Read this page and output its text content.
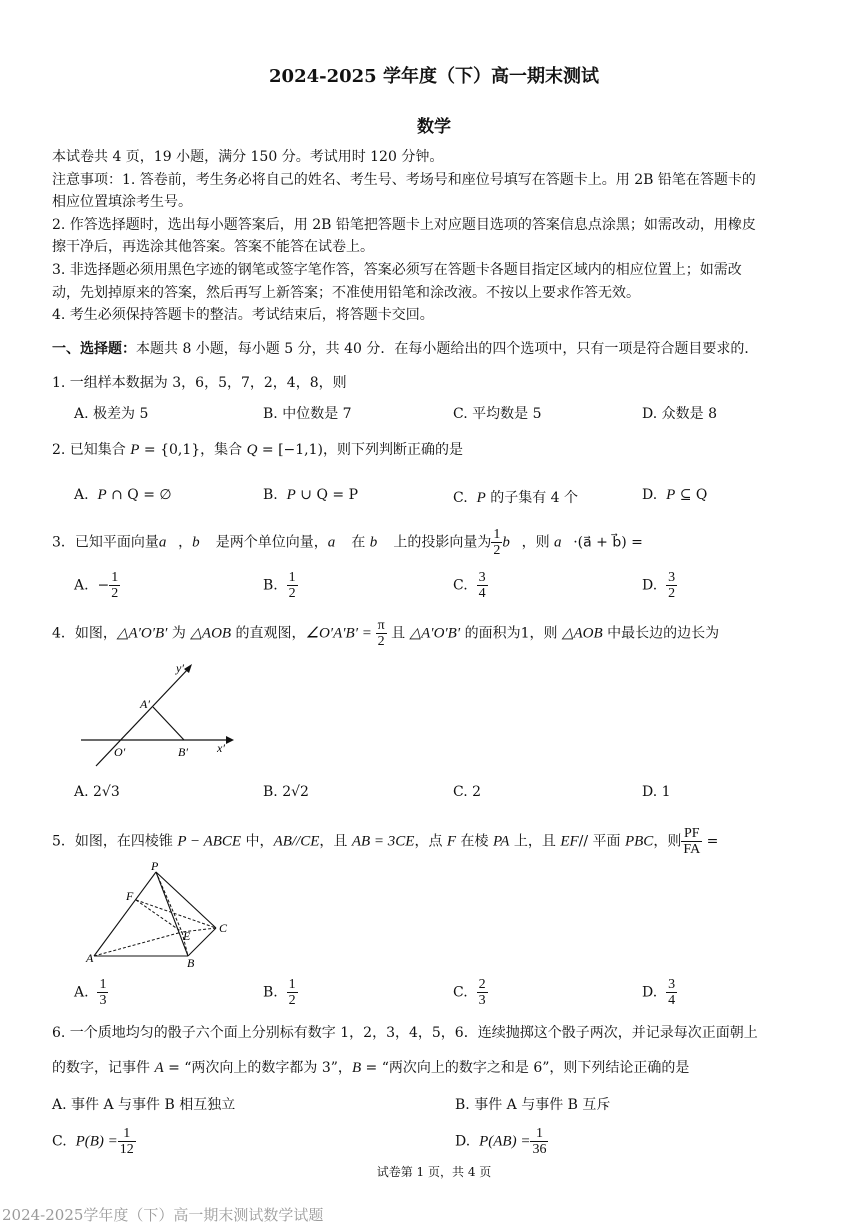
2024-2025 学年度（下）高一期末测试
数学
本试卷共 4 页，19 小题，满分 150 分。考试用时 120 分钟。
注意事项：1. 答卷前，考生务必将自己的姓名、考生号、考场号和座位号填写在答题卡上。用 2B 铅笔在答题卡的
相应位置填涂考生号。
2. 作答选择题时，选出每小题答案后，用 2B 铅笔把答题卡上对应题目选项的答案信息点涂黑；如需改动，用橡皮
擦干净后，再选涂其他答案。答案不能答在试卷上。
3. 非选择题必须用黑色字迹的钢笔或签字笔作答，答案必须写在答题卡各题目指定区域内的相应位置上；如需改
动，先划掉原来的答案，然后再写上新答案；不准使用铅笔和涂改液。不按以上要求作答无效。
4. 考生必须保持答题卡的整洁。考试结束后，将答题卡交回。
一、选择题：本题共 8 小题，每小题 5 分，共 40 分．在每小题给出的四个选项中，只有一项是符合题目要求的．
1. 一组样本数据为 3，6，5，7，2，4，8，则
A. 极差为 5	B. 中位数是 7	C. 平均数是 5	D. 众数是 8
2. 已知集合 P = {0,1}，集合 Q = [−1,1)，则下列判断正确的是
A. P ∩ Q = ∅	B. P ∪ Q = P	C. P 的子集有 4 个	D. P ⊆ Q
3．已知平面向量a⃗，b⃗ 是两个单位向量，a⃗ 在 b⃗ 上的投影向量为 $\frac{1}{2}$ b⃗，则 a⃗·(a⃗ + b⃗) =
A. − $\frac{1}{2}$	B. $\frac{1}{2}$	C. $\frac{3}{4}$	D. $\frac{3}{2}$
4．如图，△A′O′B′ 为 △AOB 的直观图，∠O′A′B′ = $\frac{\pi}{2}$ 且 △A′O′B′ 的面积为1，则 △AOB 中最长边的边长为
y′
A′
O′	B′ x′
A. 2√3	B. 2√2	C. 2	D. 1
5．如图，在四棱锥 P − ABCE 中，AB//CE，且 AB = 3CE，点 F 在棱 PA 上，且 EF// 平面 PBC，则 $\frac{PF}{FA}$ =
P
F
C
E
A	B
A. $\frac{1}{3}$	B. $\frac{1}{2}$	C. $\frac{2}{3}$	D. $\frac{3}{4}$
6. 一个质地均匀的骰子六个面上分别标有数字 1，2，3，4，5，6．连续抛掷这个骰子两次，并记录每次正面朝上
的数字，记事件 A = “两次向上的数字都为 3”，B = “两次向上的数字之和是 6”，则下列结论正确的是
A. 事件 A 与事件 B 相互独立	B. 事件 A 与事件 B 互斥
C. $P(B) = \frac{1}{12}$	D. $P(AB) = \frac{1}{36}$
试卷第 1 页，共 4 页
2024-2025学年度（下）高一期末测试数学试题
